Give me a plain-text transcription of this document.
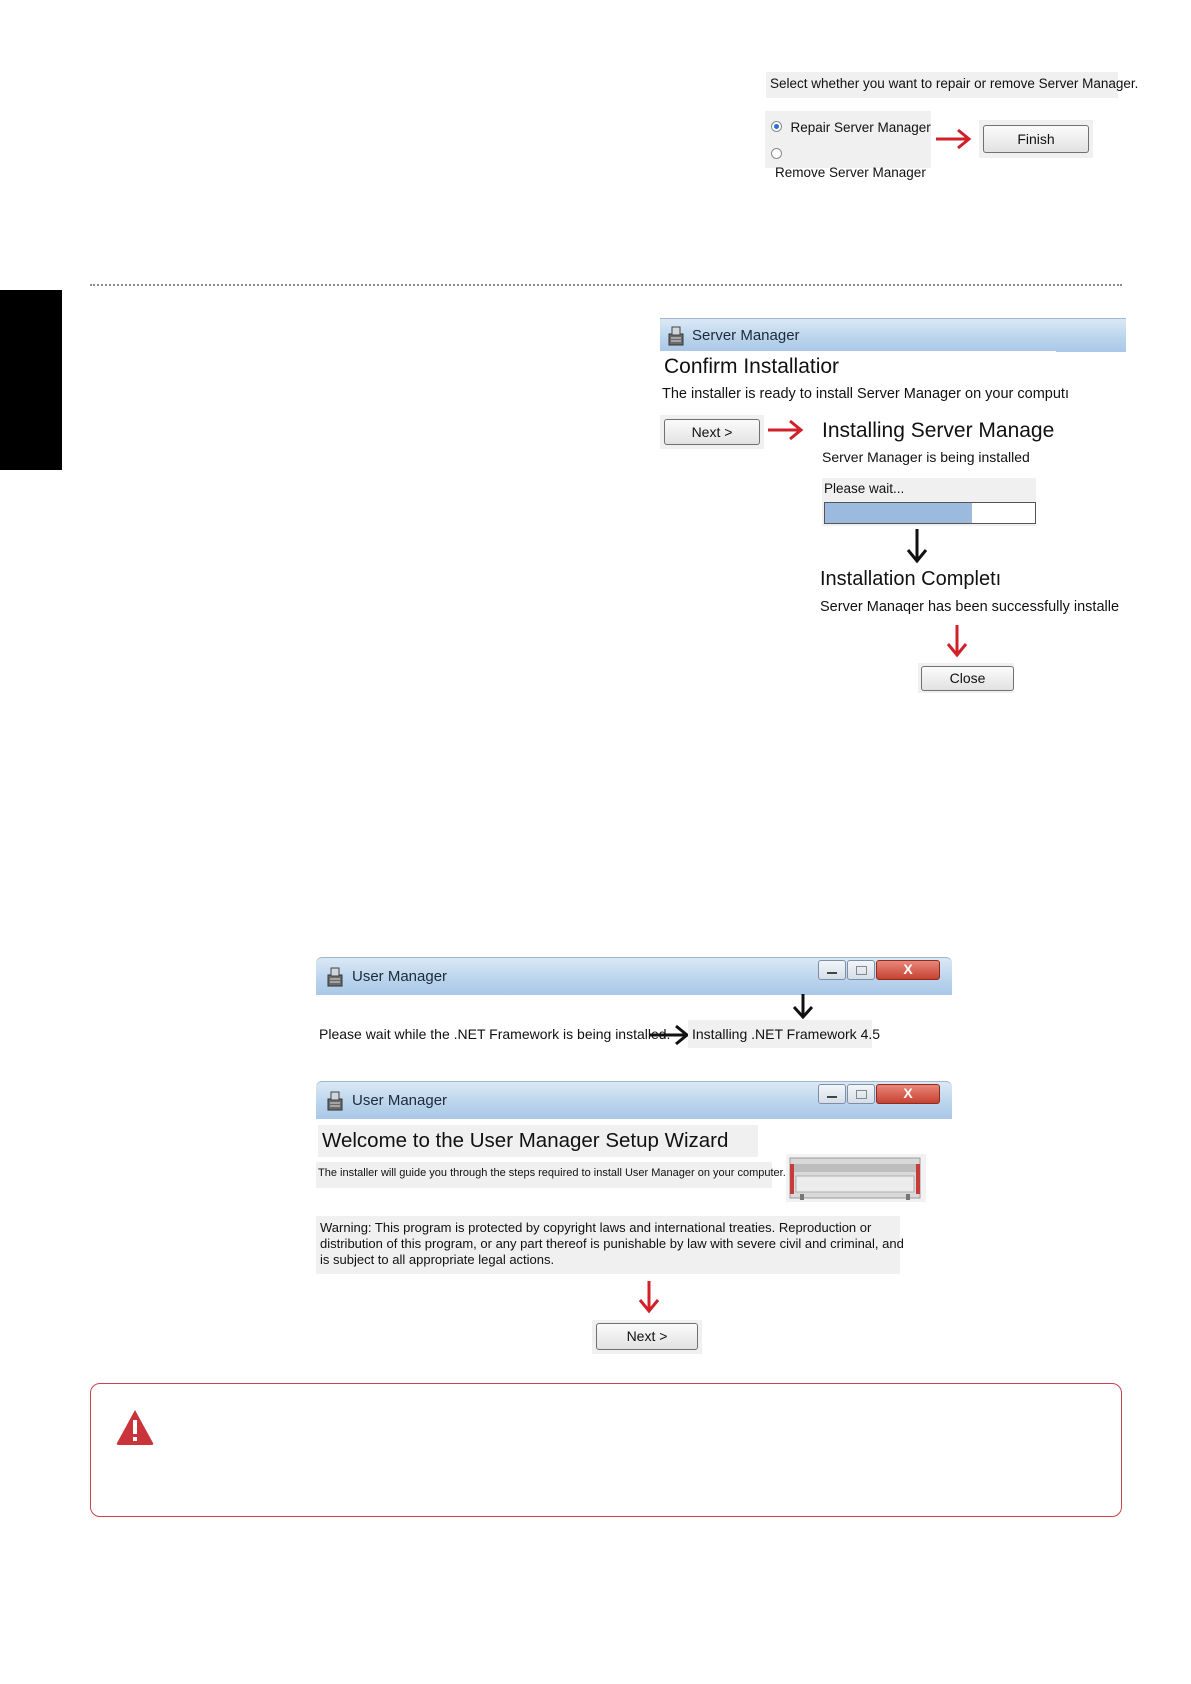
Select whether you want to repair or remove Server Manager.
Repair Server Manager
Remove Server Manager
Finish
Server Manager
Confirm Installatior
The installer is ready to install Server Manager on your computı
Next >	Installing Server Manage
Server Manager is being installed
Please wait...
Installation Completı
Server Manaqer has been successfully installe
Close
User Manager	X
Please wait while the .NET Framework is being installed. Installing .NET Framework 4.5
User Manager	X
Welcome to the User Manager Setup Wizard
The installer will guide you through the steps required to install User Manager on your computer.
Warning: This program is protected by copyright laws and international treaties. Reproduction or
distribution of this program, or any part thereof is punishable by law with severe civil and criminal, and
is subject to all appropriate legal actions.
Next >
